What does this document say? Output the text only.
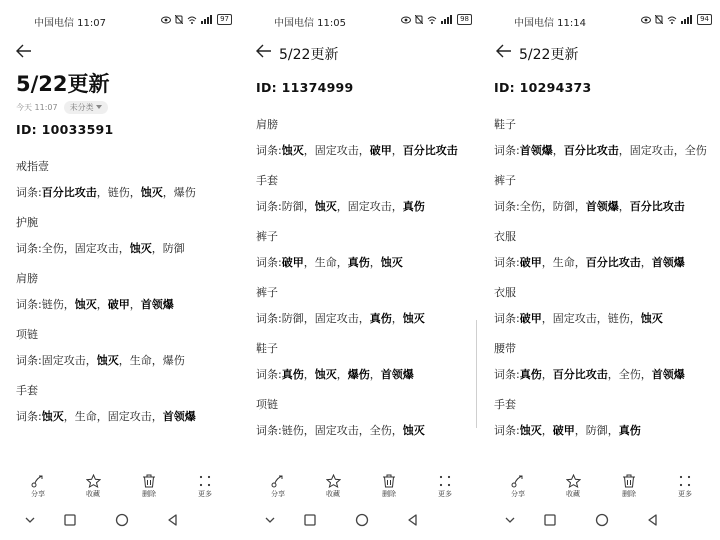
中国电信 11:07	97
5/22更新
今天 11:07 未分类
ID: 10033591
戒指壹
词条:百分比攻击，链伤，蚀灭，爆伤
护腕
词条:全伤，固定攻击，蚀灭，防御
肩膀
词条:链伤，蚀灭，破甲，首领爆
项链
词条:固定攻击，蚀灭，生命，爆伤
手套
词条:蚀灭，生命，固定攻击，首领爆
分享	收藏	删除	更多
中国电信 11:05	98
5/22更新
ID: 11374999
肩膀
词条:蚀灭，固定攻击，破甲，百分比攻击
手套
词条:防御，蚀灭，固定攻击，真伤
裤子
词条:破甲，生命，真伤，蚀灭
裤子
词条:防御，固定攻击，真伤，蚀灭
鞋子
词条:真伤，蚀灭，爆伤，首领爆
项链
词条:链伤，固定攻击，全伤，蚀灭
分享	收藏	删除	更多
中国电信 11:14	94
5/22更新
ID: 10294373
鞋子
词条:首领爆，百分比攻击，固定攻击，全伤
裤子
词条:全伤，防御，首领爆，百分比攻击
衣服
词条:破甲，生命，百分比攻击，首领爆
衣服
词条:破甲，固定攻击，链伤，蚀灭
腰带
词条:真伤，百分比攻击，全伤，首领爆
手套
词条:蚀灭，破甲，防御，真伤
分享	收藏	删除	更多
